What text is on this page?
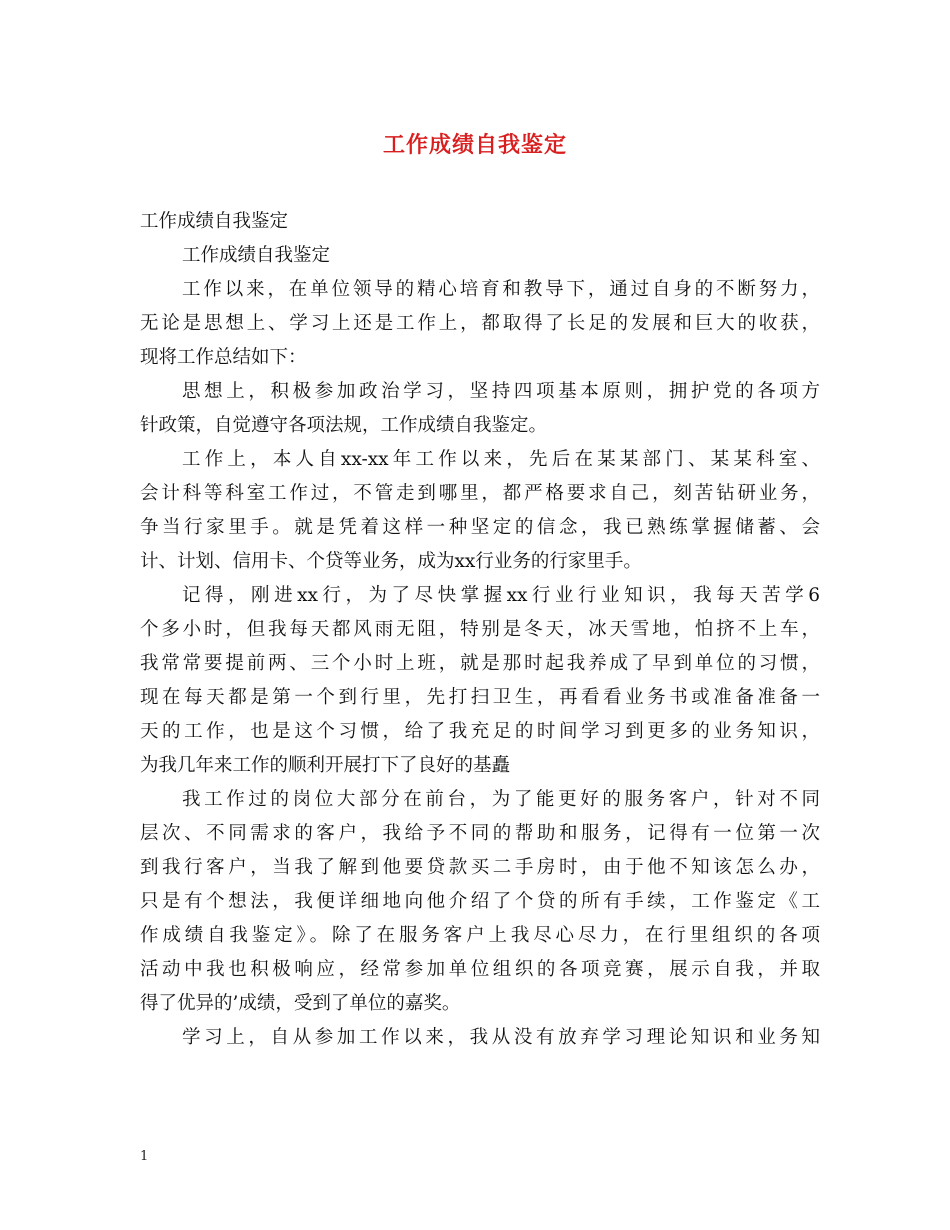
工作成绩自我鉴定
工作成绩自我鉴定
工作成绩自我鉴定
工作以来，在单位领导的精心培育和教导下，通过自身的不断努力，
无论是思想上、学习上还是工作上，都取得了长足的发展和巨大的收获，
现将工作总结如下：
思想上，积极参加政治学习，坚持四项基本原则，拥护党的各项方
针政策，自觉遵守各项法规，工作成绩自我鉴定。
工作上，本人自xx-xx年工作以来，先后在某某部门、某某科室、
会计科等科室工作过，不管走到哪里，都严格要求自己，刻苦钻研业务，
争当行家里手。就是凭着这样一种坚定的信念，我已熟练掌握储蓄、会
计、计划、信用卡、个贷等业务，成为xx行业务的行家里手。
记得，刚进xx行，为了尽快掌握xx行业行业知识，我每天苦学6
个多小时，但我每天都风雨无阻，特别是冬天，冰天雪地，怕挤不上车，
我常常要提前两、三个小时上班，就是那时起我养成了早到单位的习惯，
现在每天都是第一个到行里，先打扫卫生，再看看业务书或准备准备一
天的工作，也是这个习惯，给了我充足的时间学习到更多的业务知识，
为我几年来工作的顺利开展打下了良好的基矗
我工作过的岗位大部分在前台，为了能更好的服务客户，针对不同
层次、不同需求的客户，我给予不同的帮助和服务，记得有一位第一次
到我行客户，当我了解到他要贷款买二手房时，由于他不知该怎么办，
只是有个想法，我便详细地向他介绍了个贷的所有手续，工作鉴定《工
作成绩自我鉴定》。除了在服务客户上我尽心尽力，在行里组织的各项
活动中我也积极响应，经常参加单位组织的各项竞赛，展示自我，并取
得了优异的’成绩，受到了单位的嘉奖。
学习上，自从参加工作以来，我从没有放弃学习理论知识和业务知
1
